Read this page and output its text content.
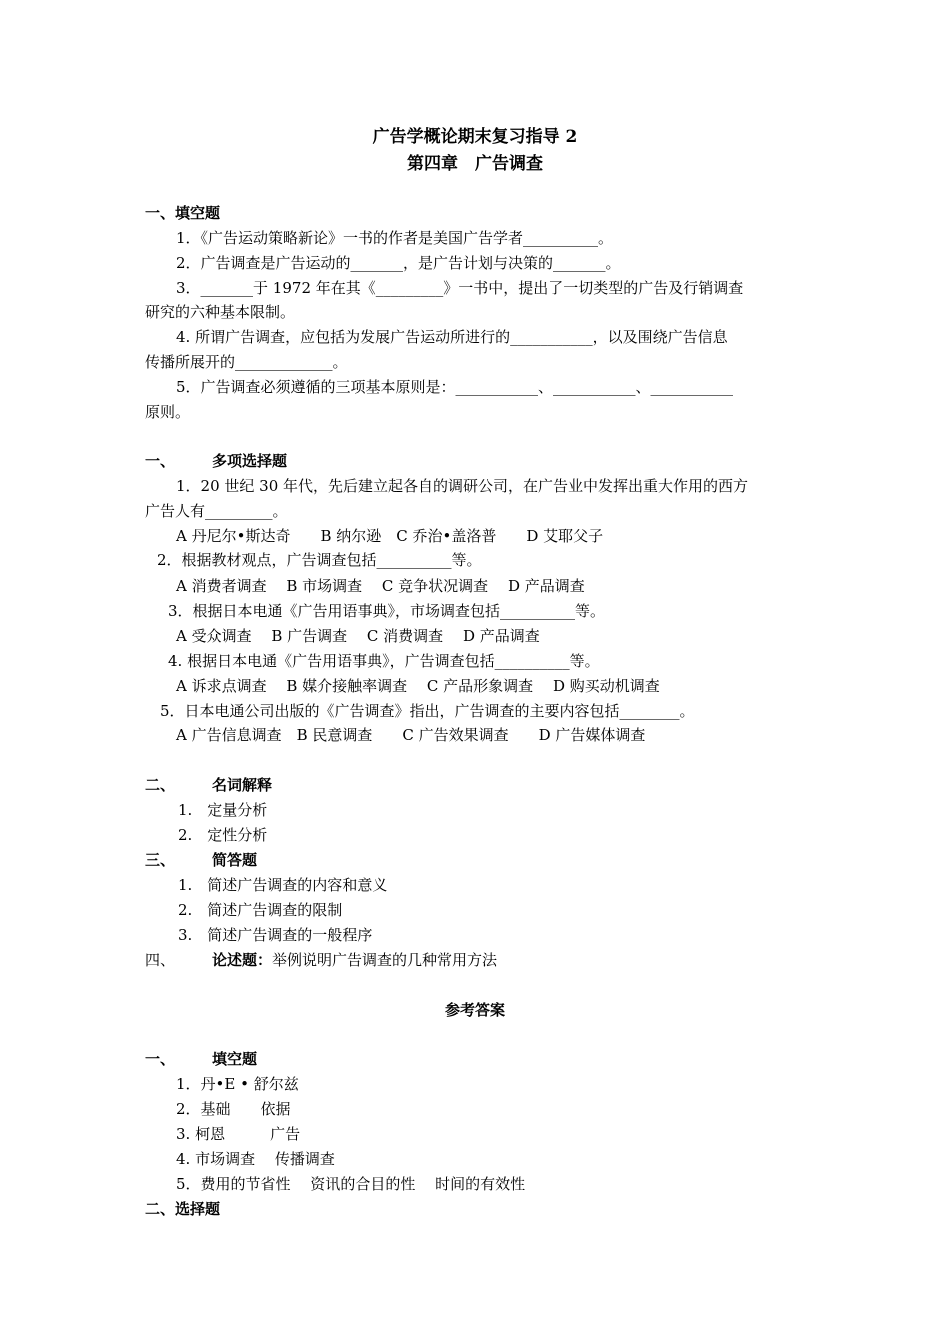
广告学概论期末复习指导 2
第四章　广告调查
一、填空题
1．《广告运动策略新论》一书的作者是美国广告学者__________。
2．广告调查是广告运动的_______，是广告计划与决策的_______。
3．_______于 1972 年在其《_________》一书中，提出了一切类型的广告及行销调查
研究的六种基本限制。
4. 所谓广告调查，应包括为发展广告运动所进行的___________，以及围绕广告信息
传播所展开的_____________。
5．广告调查必须遵循的三项基本原则是：___________、___________、___________
原则。
一、 多项选择题
1．20 世纪 30 年代，先后建立起各自的调研公司，在广告业中发挥出重大作用的西方
广告人有_________。
A 丹尼尔•斯达奇　　B 纳尔逊　C 乔治•盖洛普　　D 艾耶父子
2．根据教材观点，广告调查包括__________等。
A 消费者调查　 B 市场调查　 C 竞争状况调查　 D 产品调查
3．根据日本电通《广告用语事典》，市场调查包括__________等。
A 受众调查　 B 广告调查　 C 消费调查　 D 产品调查
4. 根据日本电通《广告用语事典》，广告调查包括__________等。
A 诉求点调查　 B 媒介接触率调查　 C 产品形象调查　 D 购买动机调查
5．日本电通公司出版的《广告调查》指出，广告调查的主要内容包括________。
A 广告信息调查　B 民意调查　　C 广告效果调查　　D 广告媒体调查
二、 名词解释
1.　定量分析
2.　定性分析
三、 简答题
1.　简述广告调查的内容和意义
2.　简述广告调查的限制
3.　简述广告调查的一般程序
四、 论述题：举例说明广告调查的几种常用方法
参考答案
一、 填空题
1．丹•E • 舒尔兹
2．基础　　依据
3. 柯恩　　　广告
4. 市场调查　 传播调查
5．费用的节省性　 资讯的合目的性　 时间的有效性
二、选择题
